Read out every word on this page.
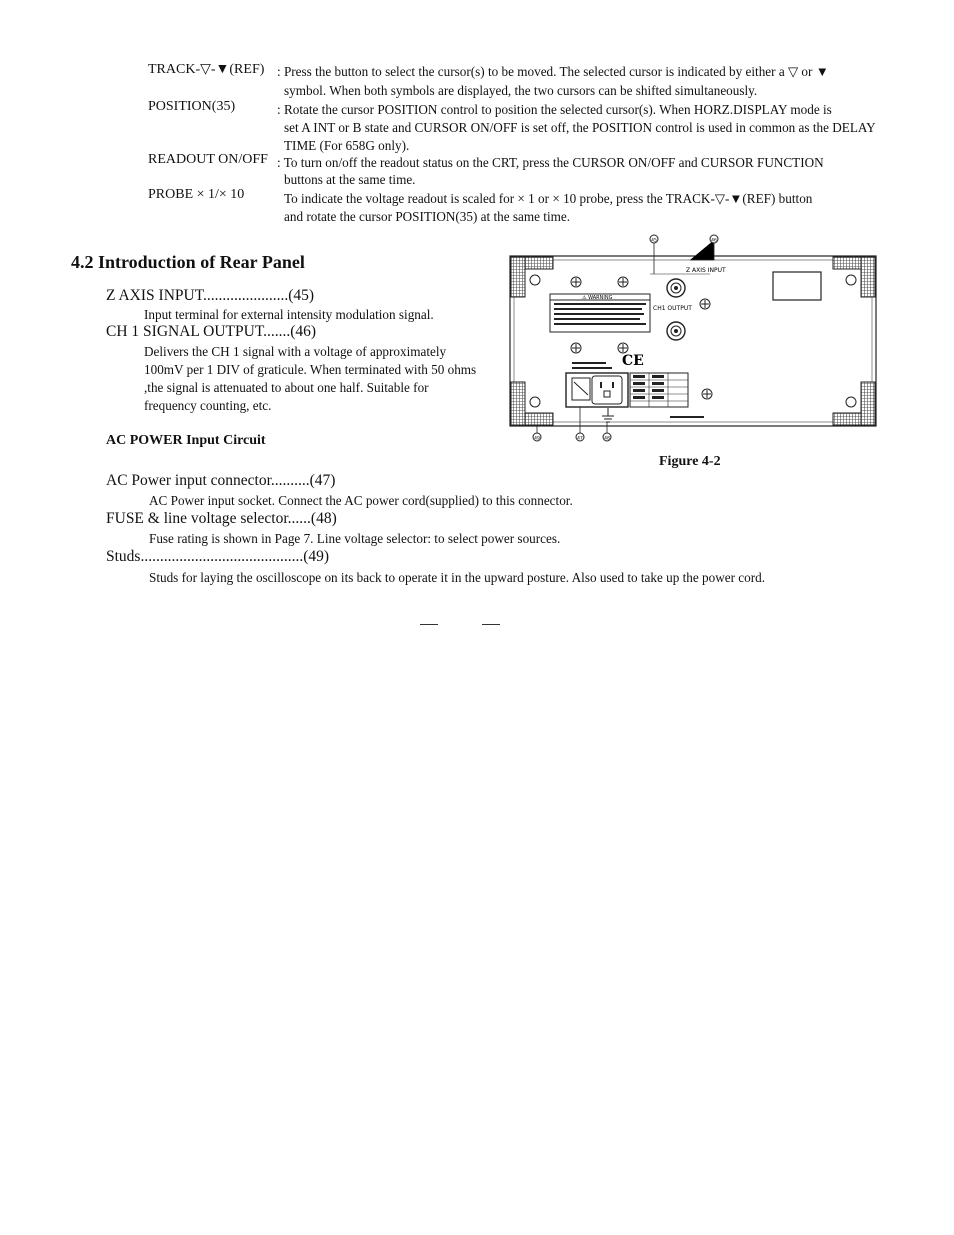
TRACK-▽-▼(REF) : Press the button to select the cursor(s) to be moved. The selected cursor is indicated by either a ▽ or ▼
symbol. When both symbols are displayed, the two cursors can be shifted simultaneously.
POSITION(35)	: Rotate the cursor POSITION control to position the selected cursor(s). When HORZ.DISPLAY mode is
set A INT or B state and CURSOR ON/OFF is set off, the POSITION control is used in common as the DELAY TIME (For 658G only).
READOUT ON/OFF : To turn on/off the readout status on the CRT, press the CURSOR ON/OFF and CURSOR FUNCTION
buttons at the same time.
PROBE × 1/× 10	To indicate the voltage readout is scaled for × 1 or × 10 probe, press the TRACK-▽-▼(REF) button
and rotate the cursor POSITION(35) at the same time.
4.2 Introduction of Rear Panel
Z AXIS INPUT......................(45)
Input terminal for external intensity modulation signal.
CH 1 SIGNAL OUTPUT.......(46)
Delivers the CH 1 signal with a voltage of approximately 100mV per 1 DIV of graticule. When terminated with 50 ohms ,the signal is attenuated to about one half. Suitable for frequency counting, etc.
AC POWER Input Circuit
AC Power input connector..........(47)
AC Power input socket. Connect the AC power cord(supplied) to this connector.
FUSE & line voltage selector......(48)
Fuse rating is shown in Page 7. Line voltage selector: to select power sources.
Studs..........................................(49)
Studs for laying the oscilloscope on its back to operate it in the upward posture. Also used to take up the power cord.
Z AXIS INPUT
CH1 OUTPUT
⚠ WARNING
CE
45	46
49	47	48
Figure 4-2
